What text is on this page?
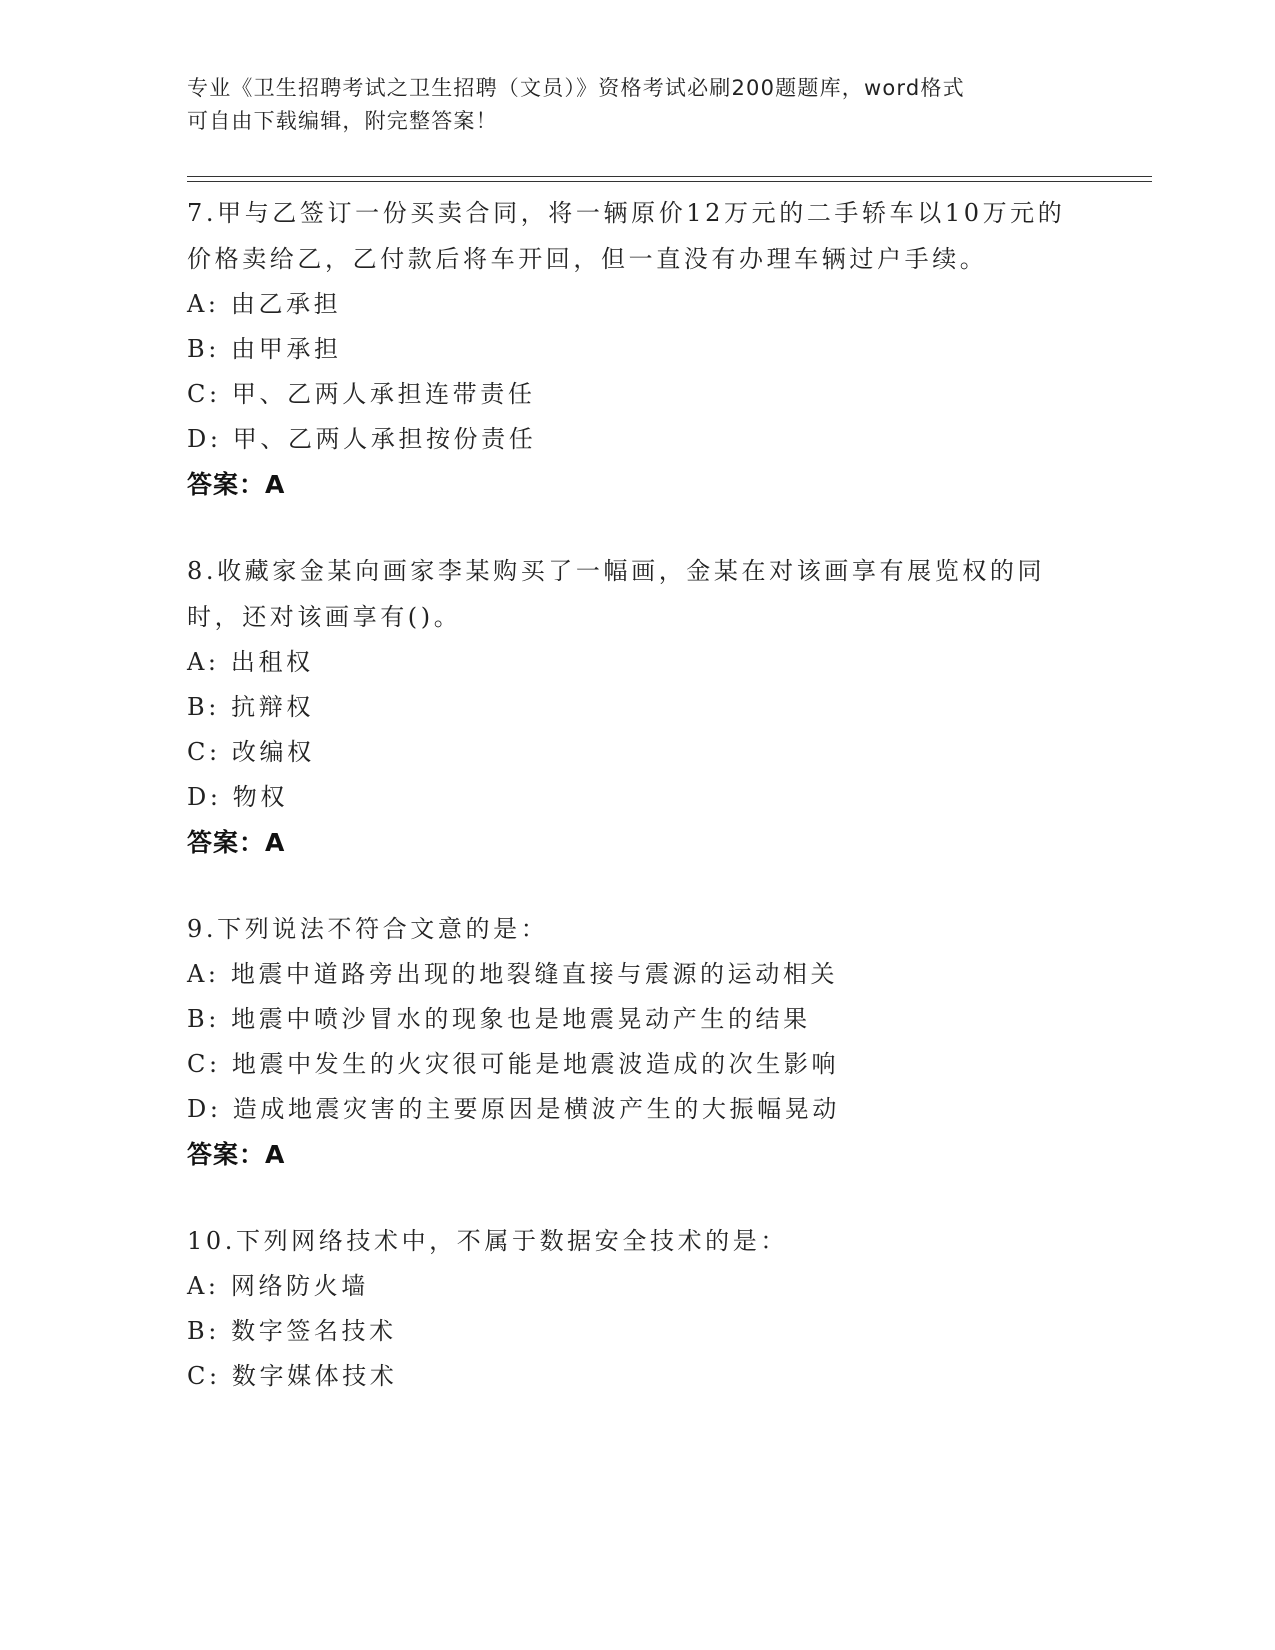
专业《卫生招聘考试之卫生招聘（文员）》资格考试必刷200题题库，word格式
可自由下载编辑，附完整答案！
7.甲与乙签订一份买卖合同，将一辆原价12万元的二手轿车以10万元的价格卖给乙，乙付款后将车开回，但一直没有办理车辆过户手续。
A: 由乙承担
B: 由甲承担
C: 甲、乙两人承担连带责任
D: 甲、乙两人承担按份责任
答案：A
8.收藏家金某向画家李某购买了一幅画，金某在对该画享有展览权的同时，还对该画享有()。
A: 出租权
B: 抗辩权
C: 改编权
D: 物权
答案：A
9.下列说法不符合文意的是：
A: 地震中道路旁出现的地裂缝直接与震源的运动相关
B: 地震中喷沙冒水的现象也是地震晃动产生的结果
C: 地震中发生的火灾很可能是地震波造成的次生影响
D: 造成地震灾害的主要原因是横波产生的大振幅晃动
答案：A
10.下列网络技术中，不属于数据安全技术的是：
A: 网络防火墙
B: 数字签名技术
C: 数字媒体技术
